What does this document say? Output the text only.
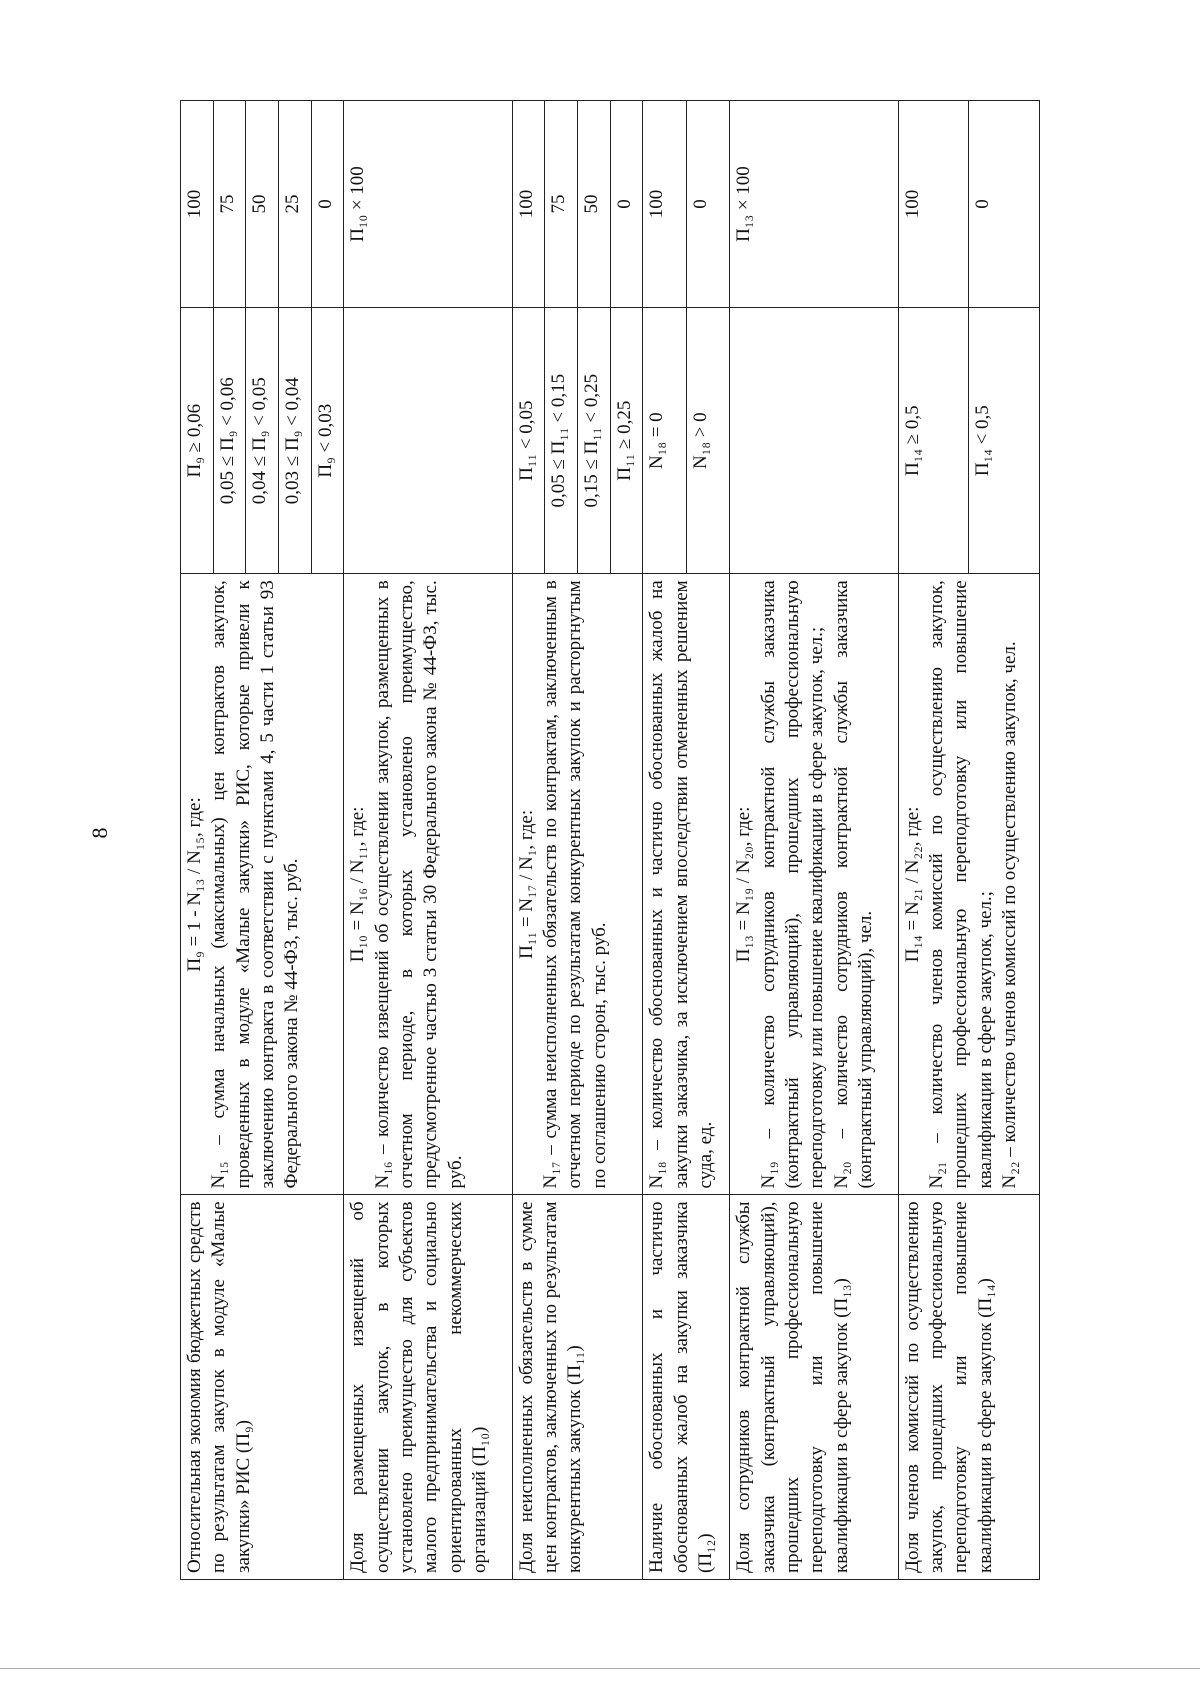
8
Относительная экономия бюджетных средств по результатам закупок в модуле «Малые закупки» РИС (П₉)	П₉ = 1 - N₁₃ / N₁₅, где: N₁₅ – сумма начальных (максимальных) цен контрактов закупок, проведенных в модуле «Малые закупки» РИС, которые привели к заключению контракта в соответствии с пунктами 4, 5 части 1 статьи 93 Федерального закона № 44-ФЗ, тыс. руб.	П₉ ≥ 0,06	100
		0,05 ≤ П₉ < 0,06	75
		0,04 ≤ П₉ < 0,05	50
		0,03 ≤ П₉ < 0,04	25
		П₉ < 0,03	0
Доля размещенных извещений об осуществлении закупок, в которых установлено преимущество для субъектов малого предпринимательства и социально ориентированных некоммерческих организаций (П₁₀)	П₁₀ = N₁₆ / N₁₁, где: N₁₆ – количество извещений об осуществлении закупок, размещенных в отчетном периоде, в которых установлено преимущество, предусмотренное частью 3 статьи 30 Федерального закона № 44-ФЗ, тыс. руб.		П₁₀ × 100
Доля неисполненных обязательств в сумме цен контрактов, заключенных по результатам конкурентных закупок (П₁₁)	П₁₁ = N₁₇ / N₁, где: N₁₇ – сумма неисполненных обязательств по контрактам, заключенным в отчетном периоде по результатам конкурентных закупок и расторгнутым по соглашению сторон, тыс. руб.	П₁₁ < 0,05	100
		0,05 ≤ П₁₁ < 0,15	75
		0,15 ≤ П₁₁ < 0,25	50
		П₁₁ ≥ 0,25	0
Наличие обоснованных и частично обоснованных жалоб на закупки заказчика (П₁₂)	N₁₈ – количество обоснованных и частично обоснованных жалоб на закупки заказчика, за исключением впоследствии отмененных решением суда, ед.	N₁₈ = 0	100
		N₁₈ > 0	0
Доля сотрудников контрактной службы заказчика (контрактный управляющий), прошедших профессиональную переподготовку или повышение квалификации в сфере закупок (П₁₃)	П₁₃ = N₁₉ / N₂₀, где: N₁₉ – количество сотрудников контрактной службы заказчика (контрактный управляющий), прошедших профессиональную переподготовку или повышение квалификации в сфере закупок, чел.; N₂₀ – количество сотрудников контрактной службы заказчика (контрактный управляющий), чел.		П₁₃ × 100
Доля членов комиссий по осуществлению закупок, прошедших профессиональную переподготовку или повышение квалификации в сфере закупок (П₁₄)	П₁₄ = N₂₁ / N₂₂, где: N₂₁ – количество членов комиссий по осуществлению закупок, прошедших профессиональную переподготовку или повышение квалификации в сфере закупок, чел.; N₂₂ – количество членов комиссий по осуществлению закупок, чел.	П₁₄ ≥ 0,5	100
		П₁₄ < 0,5	0
